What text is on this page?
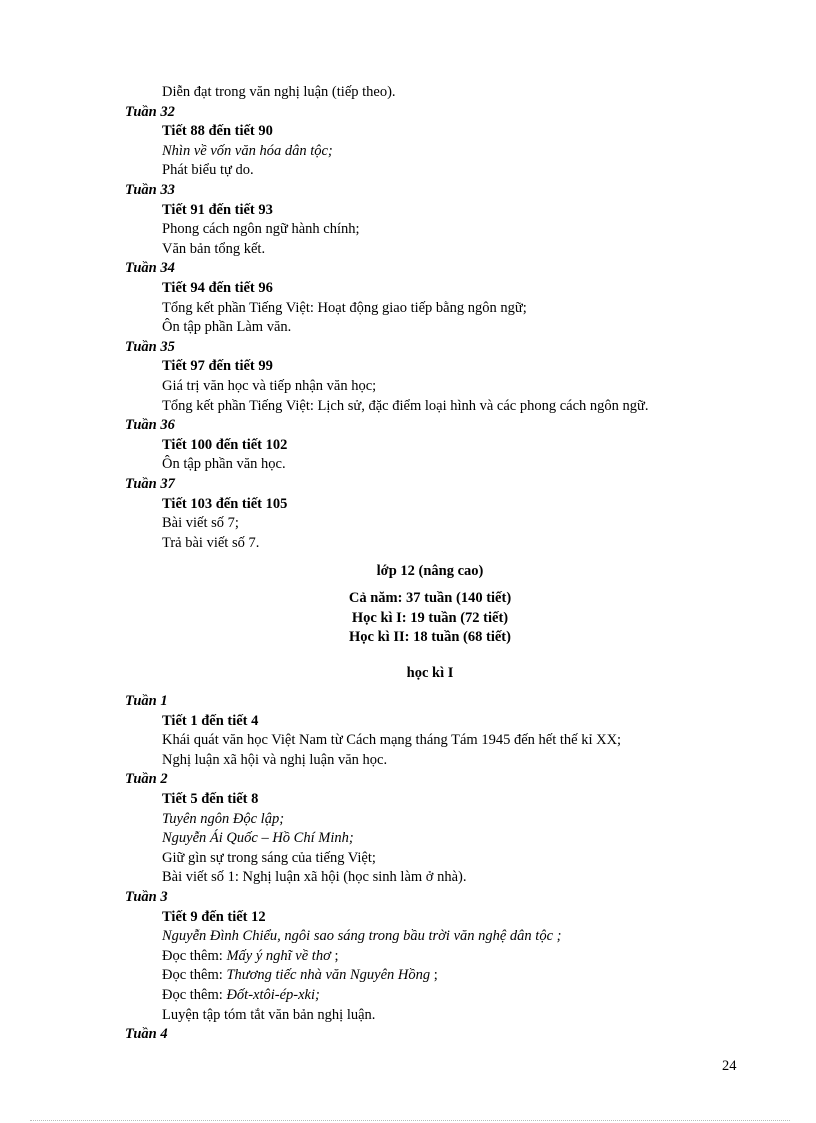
Diễn đạt trong văn nghị luận (tiếp theo).
Tuần 32
Tiết 88 đến tiết 90
Nhìn về vốn văn hóa dân tộc;
Phát biểu tự do.
Tuần 33
Tiết 91 đến tiết 93
Phong cách ngôn ngữ hành chính;
Văn bản tổng kết.
Tuần 34
Tiết 94 đến tiết 96
Tổng kết phần Tiếng Việt: Hoạt động giao tiếp bằng ngôn ngữ;
Ôn tập phần Làm văn.
Tuần 35
Tiết 97 đến tiết 99
Giá trị văn học và tiếp nhận văn học;
Tổng kết phần Tiếng Việt: Lịch sử, đặc điểm loại hình và các phong cách ngôn ngữ.
Tuần 36
Tiết 100 đến tiết 102
Ôn tập phần văn học.
Tuần 37
Tiết 103 đến tiết 105
Bài viết số 7;
Trả bài viết số 7.
lớp 12 (nâng cao)
Cả năm: 37 tuần (140 tiết)
Học kì I: 19 tuần (72 tiết)
Học kì II: 18 tuần (68 tiết)
học kì I
Tuần 1
Tiết 1 đến tiết 4
Khái quát văn học Việt Nam từ Cách mạng tháng Tám 1945 đến hết thế kỉ XX;
Nghị luận xã hội và nghị luận văn học.
Tuần 2
Tiết 5 đến tiết 8
Tuyên ngôn Độc lập;
Nguyễn Ái Quốc – Hồ Chí Minh;
Giữ gìn sự trong sáng của tiếng Việt;
Bài viết số 1: Nghị luận xã hội (học sinh làm ở nhà).
Tuần 3
Tiết 9 đến tiết 12
Nguyễn Đình Chiểu, ngôi sao sáng trong bầu trời văn nghệ dân tộc ;
Đọc thêm: Mấy ý nghĩ về thơ ;
Đọc thêm: Thương tiếc nhà văn Nguyên Hồng ;
Đọc thêm: Đốt-xtôi-ép-xki;
Luyện tập tóm tắt văn bản nghị luận.
Tuần 4
24
